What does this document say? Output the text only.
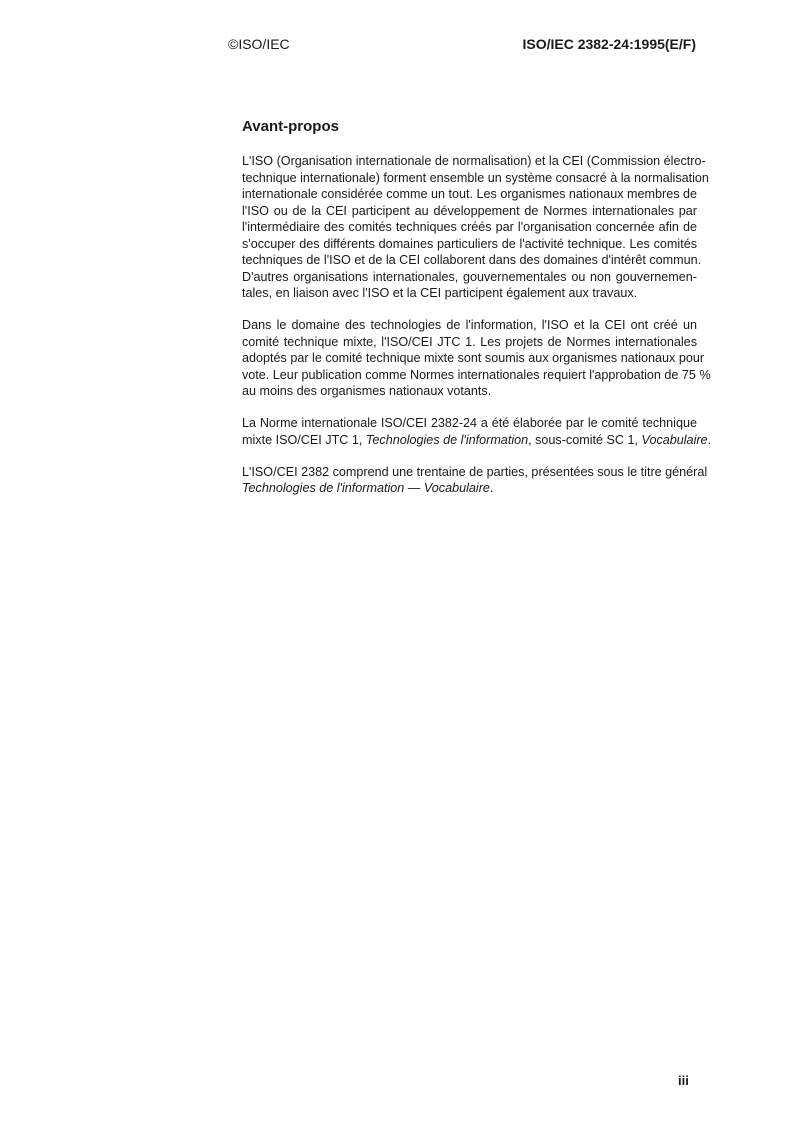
©ISO/IEC	ISO/IEC 2382-24:1995(E/F)
Avant-propos

L'ISO (Organisation internationale de normalisation) et la CEI (Commission électro-
technique internationale) forment ensemble un système consacré à la normalisation
internationale considérée comme un tout. Les organismes nationaux membres de
l'ISO ou de la CEI participent au développement de Normes internationales par
l'intermédiaire des comités techniques créés par l'organisation concernée afin de
s'occuper des différents domaines particuliers de l'activité technique. Les comités
techniques de l'ISO et de la CEI collaborent dans des domaines d'intérêt commun.
D'autres organisations internationales, gouvernementales ou non gouvernemen-
tales, en liaison avec l'ISO et la CEI participent également aux travaux.

Dans le domaine des technologies de l'information, l'ISO et la CEI ont créé un
comité technique mixte, l'ISO/CEI JTC 1. Les projets de Normes internationales
adoptés par le comité technique mixte sont soumis aux organismes nationaux pour
vote. Leur publication comme Normes internationales requiert l'approbation de 75 %
au moins des organismes nationaux votants.

La Norme internationale ISO/CEI 2382-24 a été élaborée par le comité technique
mixte ISO/CEI JTC 1, Technologies de l'information, sous-comité SC 1, Vocabulaire.

L'ISO/CEI 2382 comprend une trentaine de parties, présentées sous le titre général
Technologies de l'information — Vocabulaire.

iii
